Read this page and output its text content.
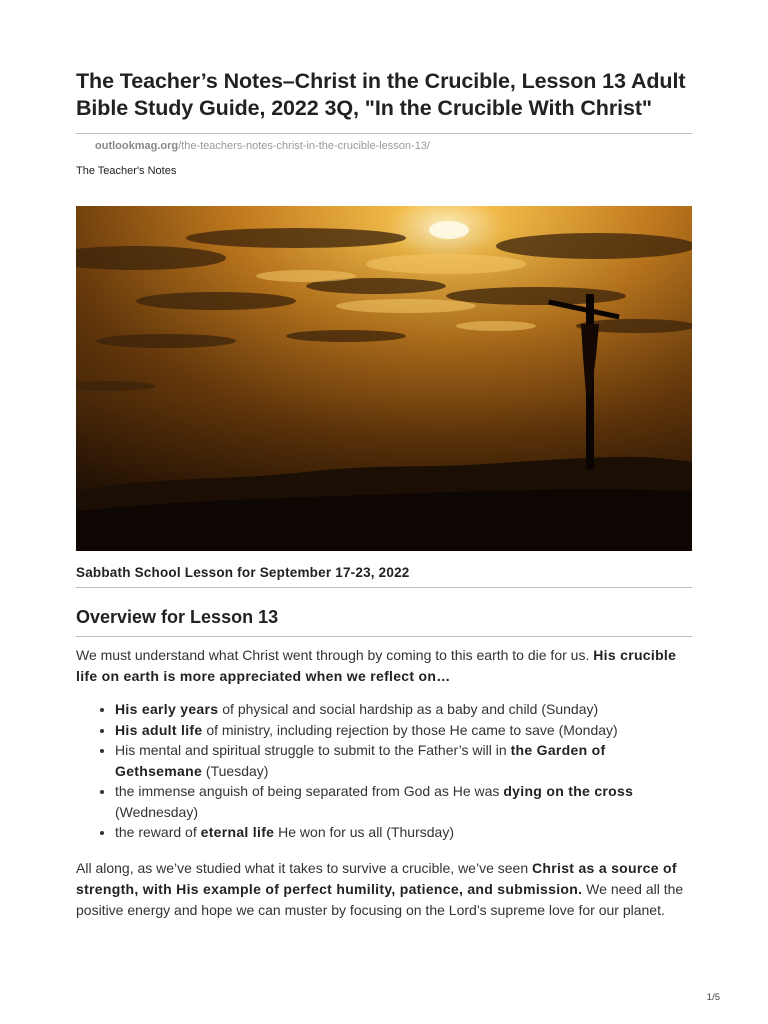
The Teacher’s Notes–Christ in the Crucible, Lesson 13 Adult Bible Study Guide, 2022 3Q, "In the Crucible With Christ"
outlookmag.org/the-teachers-notes-christ-in-the-crucible-lesson-13/
The Teacher's Notes
Sabbath School Lesson for September 17-23, 2022
Overview for Lesson 13

We must understand what Christ went through by coming to this earth to die for us. His crucible life on earth is more appreciated when we reflect on…

• His early years of physical and social hardship as a baby and child (Sunday)
• His adult life of ministry, including rejection by those He came to save (Monday)
• His mental and spiritual struggle to submit to the Father’s will in the Garden of Gethsemane (Tuesday)
• the immense anguish of being separated from God as He was dying on the cross (Wednesday)
• the reward of eternal life He won for us all (Thursday)

All along, as we’ve studied what it takes to survive a crucible, we’ve seen Christ as a source of strength, with His example of perfect humility, patience, and submission. We need all the positive energy and hope we can muster by focusing on the Lord’s supreme love for our planet.

1/5
